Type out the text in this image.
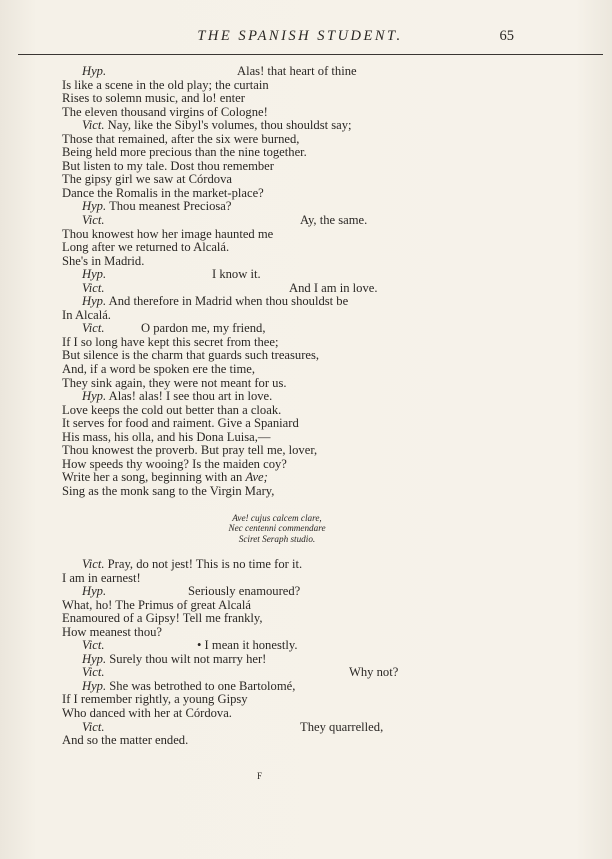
THE SPANISH STUDENT.	65
Hyp.	Alas! that heart of thine
Is like a scene in the old play; the curtain
Rises to solemn music, and lo! enter
The eleven thousand virgins of Cologne!
Vict. Nay, like the Sibyl's volumes, thou shouldst say;
Those that remained, after the six were burned,
Being held more precious than the nine together.
But listen to my tale. Dost thou remember
The gipsy girl we saw at Córdova
Dance the Romalis in the market-place?
Hyp. Thou meanest Preciosa?
Vict.	Ay, the same.
Thou knowest how her image haunted me
Long after we returned to Alcalá.
She's in Madrid.
Hyp.	I know it.
Vict.	And I am in love.
Hyp. And therefore in Madrid when thou shouldst be
In Alcalá.
Vict.	O pardon me, my friend,
If I so long have kept this secret from thee;
But silence is the charm that guards such treasures,
And, if a word be spoken ere the time,
They sink again, they were not meant for us.
Hyp. Alas! alas! I see thou art in love.
Love keeps the cold out better than a cloak.
It serves for food and raiment. Give a Spaniard
His mass, his olla, and his Dona Luisa,—
Thou knowest the proverb. But pray tell me, lover,
How speeds thy wooing? Is the maiden coy?
Write her a song, beginning with an Ave;
Sing as the monk sang to the Virgin Mary,
Ave! cujus calcem clare,
Nec centenni commendare
Sciret Seraph studio.
Vict. Pray, do not jest! This is no time for it.
I am in earnest!
Hyp.	Seriously enamoured?
What, ho! The Primus of great Alcalá
Enamoured of a Gipsy! Tell me frankly,
How meanest thou?
Vict.	• I mean it honestly.
Hyp. Surely thou wilt not marry her!
Vict.	Why not?
Hyp. She was betrothed to one Bartolomé,
If I remember rightly, a young Gipsy
Who danced with her at Córdova.
Vict.	They quarrelled,
And so the matter ended.
F
